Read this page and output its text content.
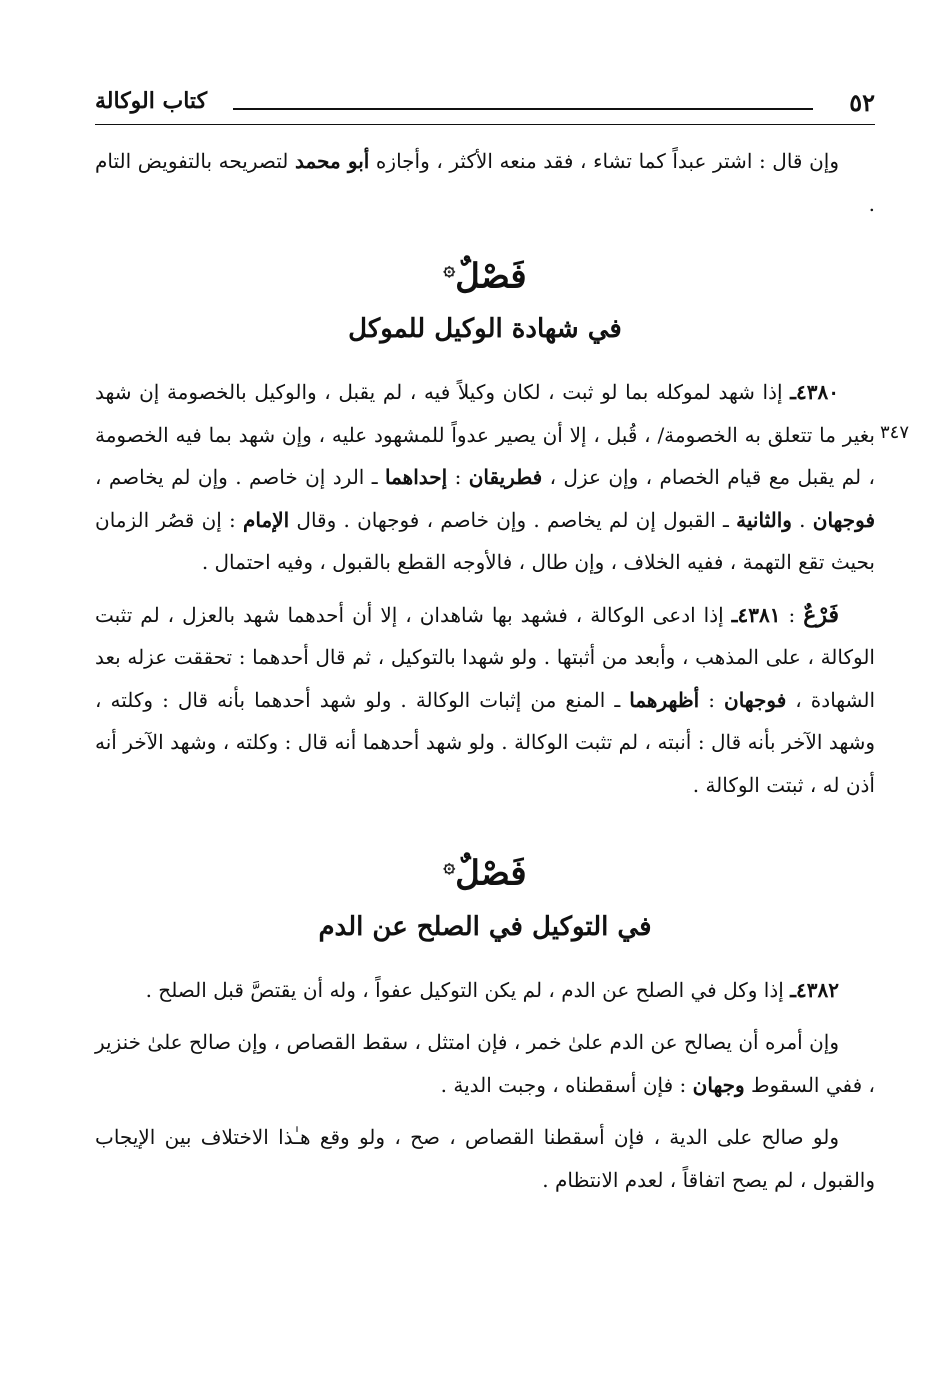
٥٢
كتاب الوكالة
٣٤٧

وإن قال : اشتر عبداً كما تشاء ، فقد منعه الأكثر ، وأجازه أبو محمد لتصريحه بالتفويض التام .

فَصْلٌ۞
في شهادة الوكيل للموكل

٤٣٨٠ـ إذا شهد لموكله بما لو ثبت ، لكان وكيلاً فيه ، لم يقبل ، والوكيل بالخصومة إن شهد بغير ما تتعلق به الخصومة/ ، قُبل ، إلا أن يصير عدواً للمشهود عليه ، وإن شهد بما فيه الخصومة ، لم يقبل مع قيام الخصام ، وإن عزل ، فطريقان : إحداهما ـ الرد إن خاصم . وإن لم يخاصم ، فوجهان . والثانية ـ القبول إن لم يخاصم . وإن خاصم ، فوجهان . وقال الإمام : إن قصُر الزمان بحيث تقع التهمة ، ففيه الخلاف ، وإن طال ، فالأوجه القطع بالقبول ، وفيه احتمال .

فَرْعٌ : ٤٣٨١ـ إذا ادعى الوكالة ، فشهد بها شاهدان ، إلا أن أحدهما شهد بالعزل ، لم تثبت الوكالة ، على المذهب ، وأبعد من أثبتها . ولو شهدا بالتوكيل ، ثم قال أحدهما : تحققت عزله بعد الشهادة ، فوجهان : أظهرهما ـ المنع من إثبات الوكالة . ولو شهد أحدهما بأنه قال : وكلته ، وشهد الآخر بأنه قال : أنبته ، لم تثبت الوكالة . ولو شهد أحدهما أنه قال : وكلته ، وشهد الآخر أنه أذن له ، ثبتت الوكالة .

فَصْلٌ۞
في التوكيل في الصلح عن الدم

٤٣٨٢ـ إذا وكل في الصلح عن الدم ، لم يكن التوكيل عفواً ، وله أن يقتصَّ قبل الصلح .

وإن أمره أن يصالح عن الدم علىٰ خمر ، فإن امتثل ، سقط القصاص ، وإن صالح علىٰ خنزير ، ففي السقوط وجهان : فإن أسقطناه ، وجبت الدية .

ولو صالح على الدية ، فإن أسقطنا القصاص ، صح ، ولو وقع هـٰذا الاختلاف بين الإيجاب والقبول ، لم يصح اتفاقاً ، لعدم الانتظام .
